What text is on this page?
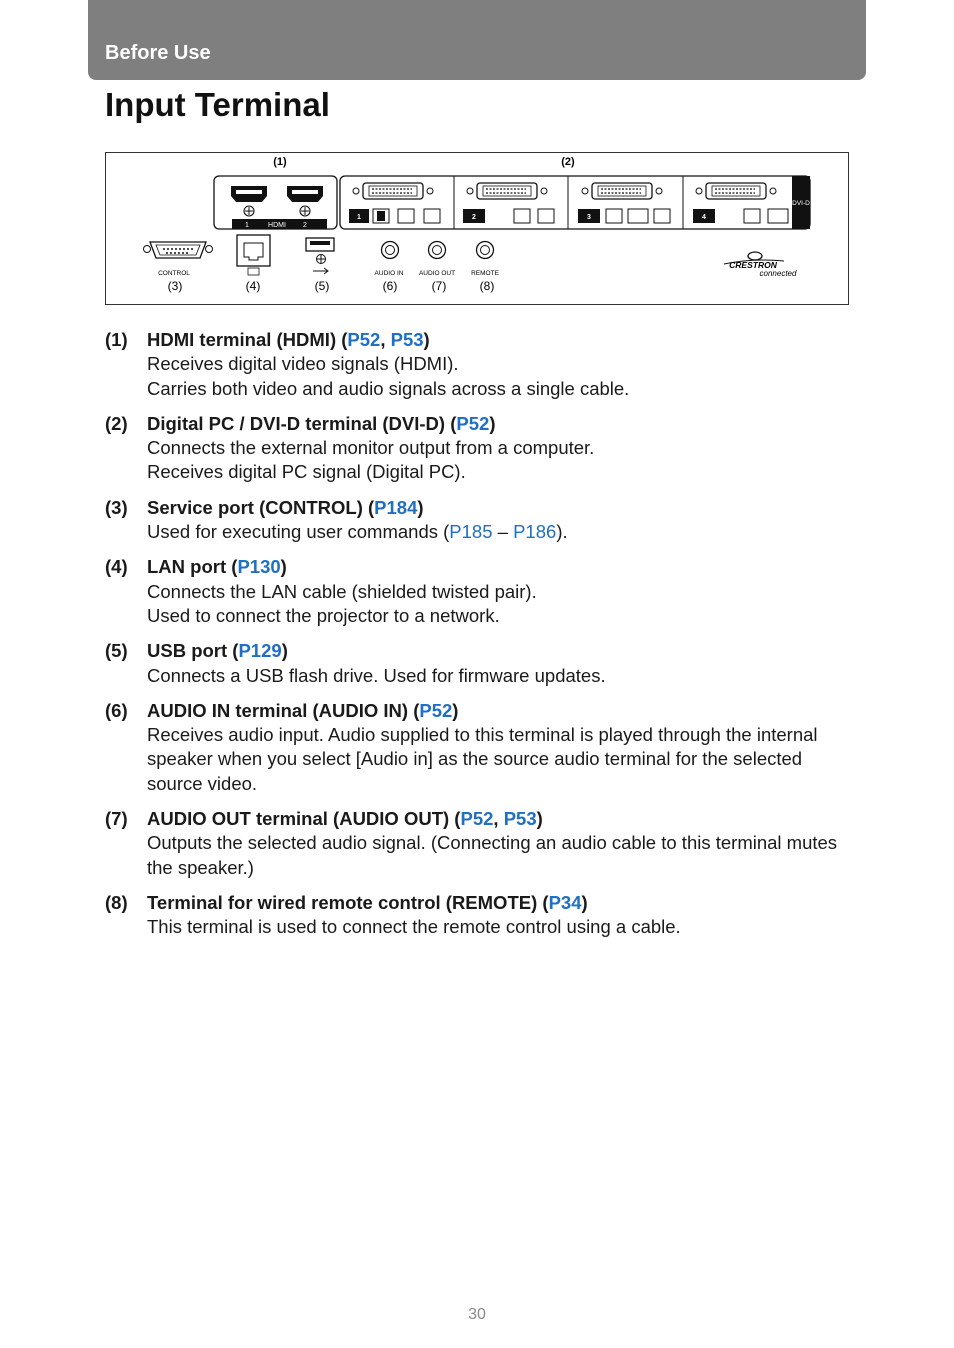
Before Use
Input Terminal
(1)	(2)
1	HDMI 2
DVI-D
1	2	3	4
CONTROL	AUDIO IN AUDIO OUT REMOTE
(3)	(4)	(5)	(6)	(7)	(8)
CRESTRON
connected
(1)	HDMI terminal (HDMI) (P52, P53)
Receives digital video signals (HDMI).
Carries both video and audio signals across a single cable.
(2)	Digital PC / DVI-D terminal (DVI-D) (P52)
Connects the external monitor output from a computer.
Receives digital PC signal (Digital PC).
(3)	Service port (CONTROL) (P184)
Used for executing user commands (P185 – P186).
(4)	LAN port (P130)
Connects the LAN cable (shielded twisted pair).
Used to connect the projector to a network.
(5)	USB port (P129)
Connects a USB flash drive. Used for firmware updates.
(6)	AUDIO IN terminal (AUDIO IN) (P52)
Receives audio input. Audio supplied to this terminal is played through the internal speaker when you select [Audio in] as the source audio terminal for the selected source video.
(7)	AUDIO OUT terminal (AUDIO OUT) (P52, P53)
Outputs the selected audio signal. (Connecting an audio cable to this terminal mutes the speaker.)
(8)	Terminal for wired remote control (REMOTE) (P34)
This terminal is used to connect the remote control using a cable.
30
